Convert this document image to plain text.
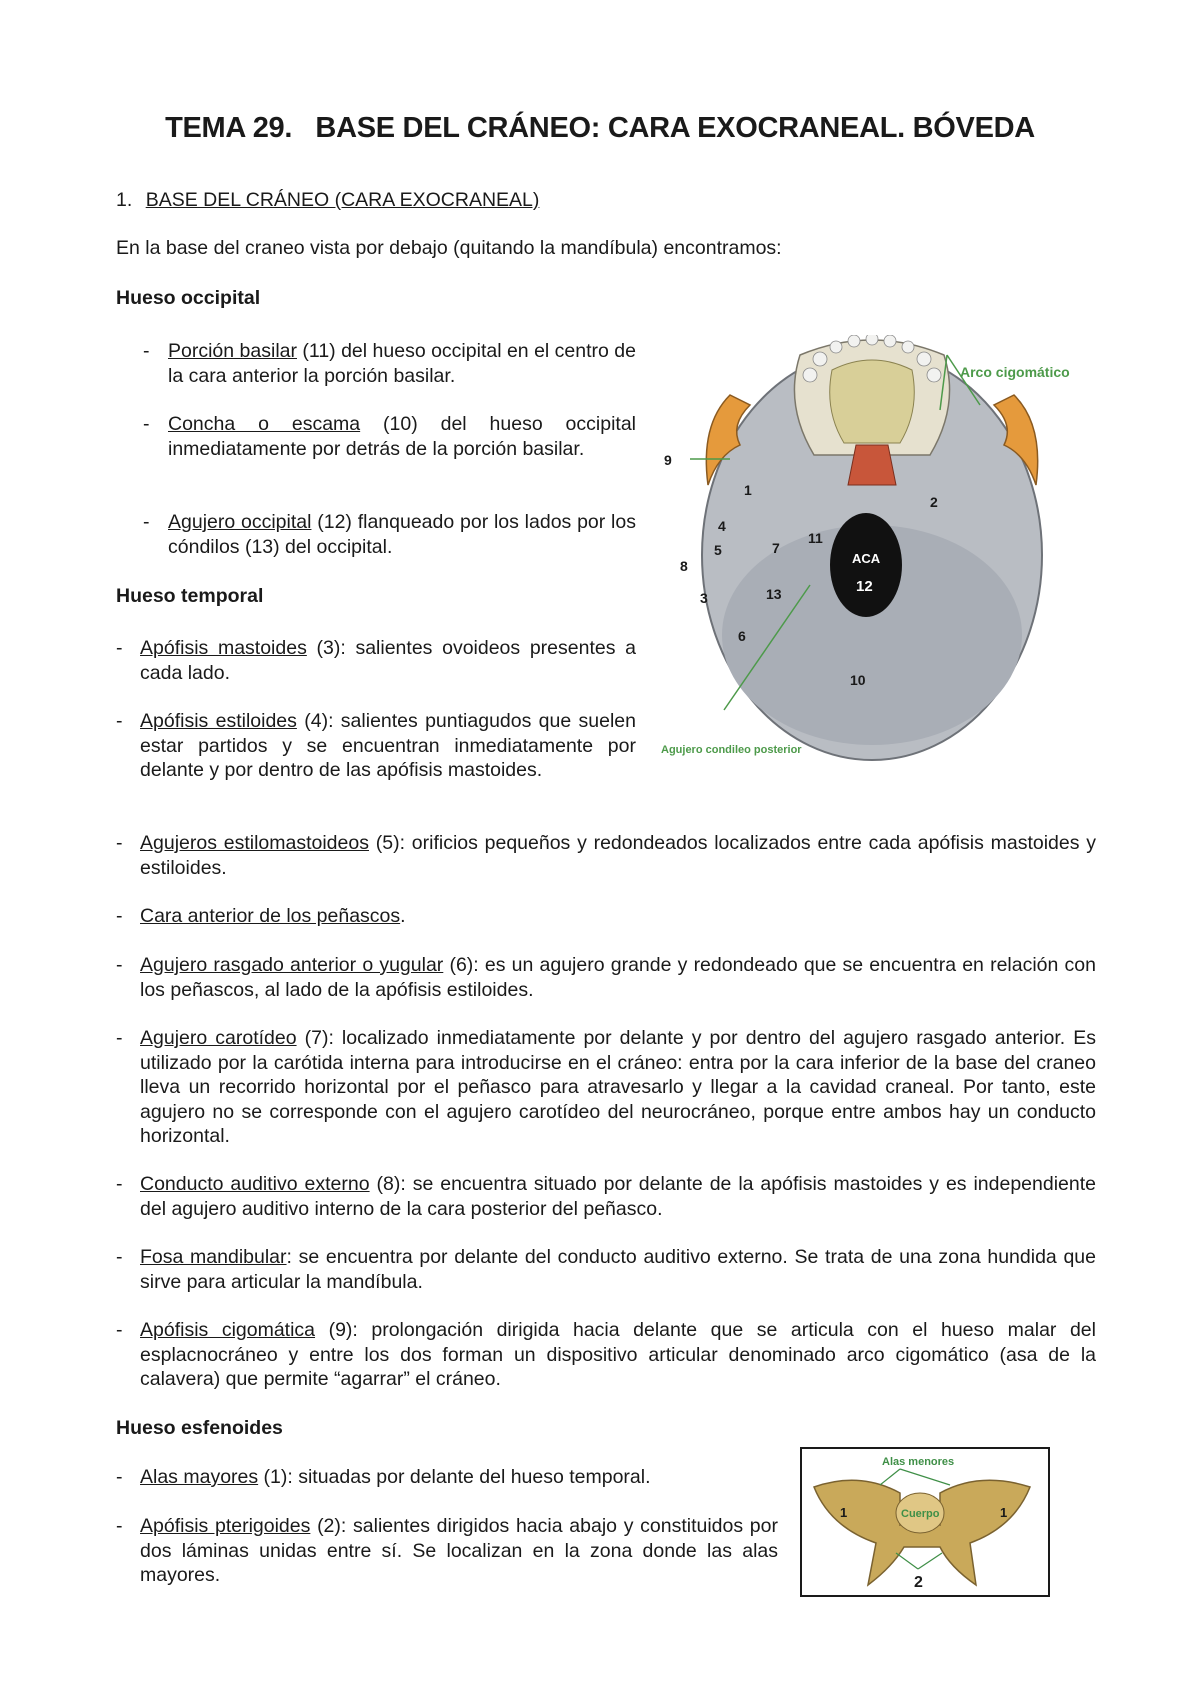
TEMA 29. BASE DEL CRÁNEO: CARA EXOCRANEAL. BÓVEDA
1. BASE DEL CRÁNEO (CARA EXOCRANEAL)
En la base del craneo vista por debajo (quitando la mandíbula) encontramos:
Hueso occipital
- Porción basilar (11) del hueso occipital en el centro de la cara anterior la porción basilar.
- Concha o escama (10) del hueso occipital inmediatamente por detrás de la porción basilar.
- Agujero occipital (12) flanqueado por los lados por los cóndilos (13) del occipital.
Hueso temporal
- Apófisis mastoides (3): salientes ovoideos presentes a cada lado.
- Apófisis estiloides (4): salientes puntiagudos que suelen estar partidos y se encuentran inmediatamente por delante y por dentro de las apófisis mastoides.
- Agujeros estilomastoideos (5): orificios pequeños y redondeados localizados entre cada apófisis mastoides y estiloides.
- Cara anterior de los peñascos.
- Agujero rasgado anterior o yugular (6): es un agujero grande y redondeado que se encuentra en relación con los peñascos, al lado de la apófisis estiloides.
- Agujero carotídeo (7): localizado inmediatamente por delante y por dentro del agujero rasgado anterior. Es utilizado por la carótida interna para introducirse en el cráneo: entra por la cara inferior de la base del craneo lleva un recorrido horizontal por el peñasco para atravesarlo y llegar a la cavidad craneal. Por tanto, este agujero no se corresponde con el agujero carotídeo del neurocráneo, porque entre ambos hay un conducto horizontal.
- Conducto auditivo externo (8): se encuentra situado por delante de la apófisis mastoides y es independiente del agujero auditivo interno de la cara posterior del peñasco.
- Fosa mandibular: se encuentra por delante del conducto auditivo externo. Se trata de una zona hundida que sirve para articular la mandíbula.
- Apófisis cigomática (9): prolongación dirigida hacia delante que se articula con el hueso malar del esplacnocráneo y entre los dos forman un dispositivo articular denominado arco cigomático (asa de la calavera) que permite “agarrar” el cráneo.
Hueso esfenoides
- Alas mayores (1): situadas por delante del hueso temporal.
- Apófisis pterigoides (2): salientes dirigidos hacia abajo y constituidos por dos láminas unidas entre sí. Se localizan en la zona donde las alas mayores.
Arco cigomático
Agujero condileo posterior
ACA
12
1
2
3
4
5
6
7
8
9
10
11
13
Alas menores
Cuerpo
1	1
2
